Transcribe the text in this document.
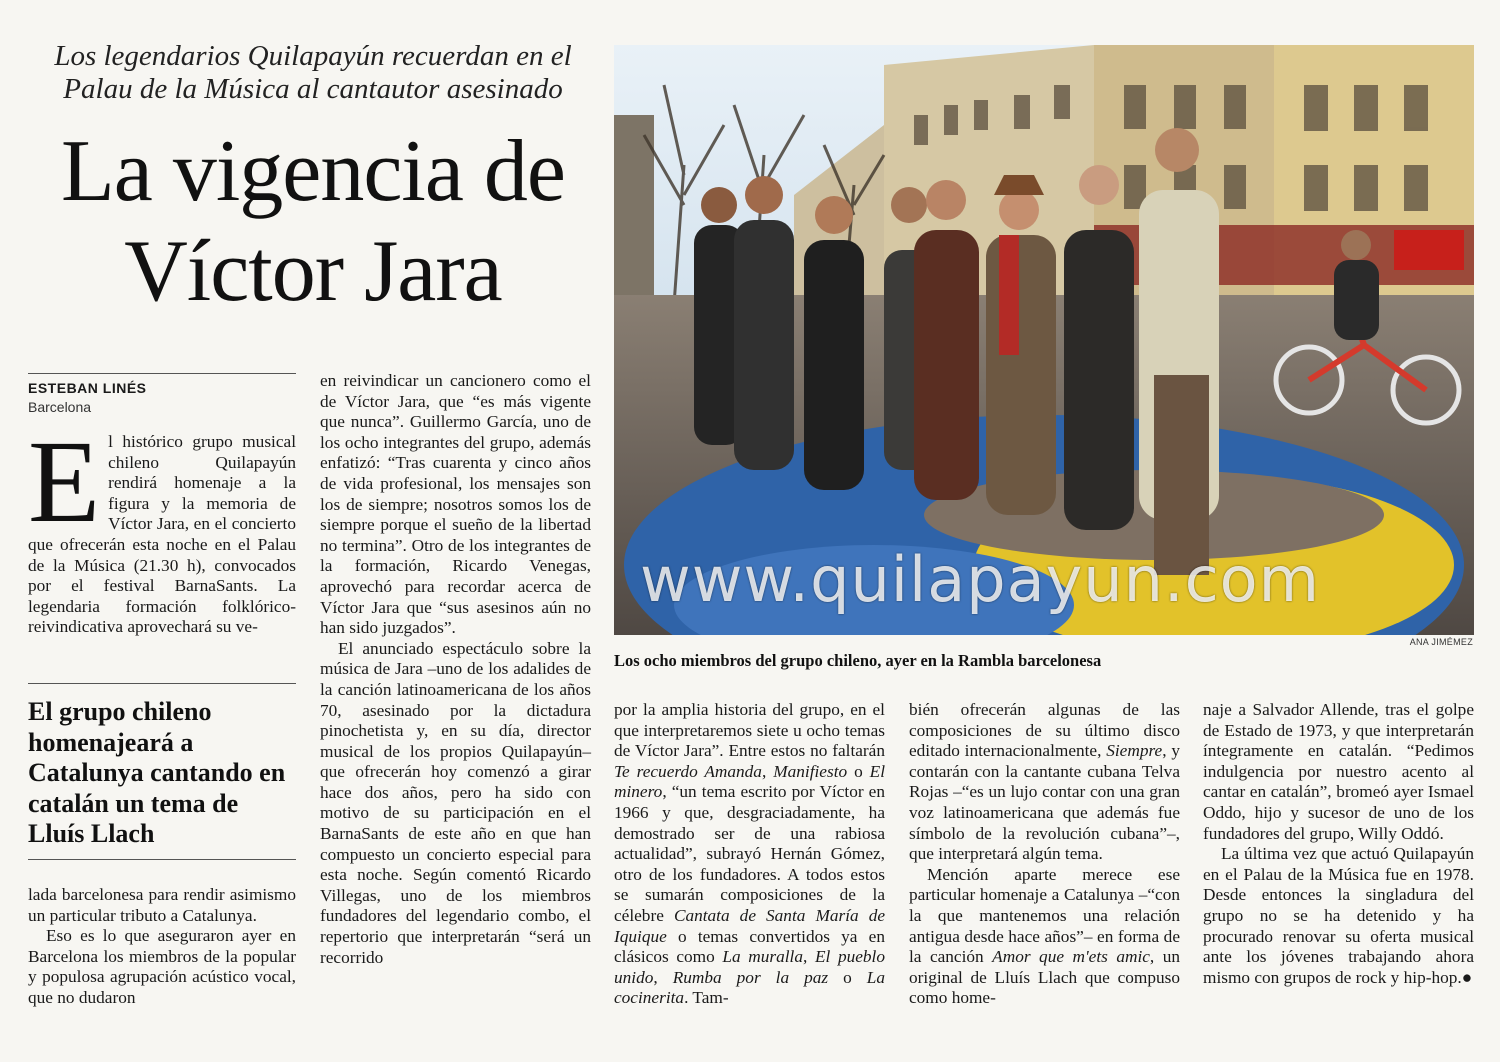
Los legendarios Quilapayún recuerdan en el Palau de la Música al cantautor asesinado
La vigencia de
Víctor Jara
ESTEBAN LINÉS
Barcelona
E l histórico grupo musical chileno Quilapayún rendirá homenaje a la figura y la memoria de Víctor Jara, en el concierto que ofrecerán esta noche en el Palau de la Música (21.30 h), convocados por el festival BarnaSants. La legendaria formación folklórico-reivindicativa aprovechará su ve-

El grupo chileno homenajeará a Catalunya cantando en catalán un tema de Lluís Llach

lada barcelonesa para rendir asimismo un particular tributo a Catalunya.

Eso es lo que aseguraron ayer en Barcelona los miembros de la popular y populosa agrupación acústico vocal, que no dudaron

en reivindicar un cancionero como el de Víctor Jara, que “es más vigente que nunca”. Guillermo García, uno de los ocho integrantes del grupo, además enfatizó: “Tras cuarenta y cinco años de vida profesional, los mensajes son los de siempre; nosotros somos los de siempre porque el sueño de la libertad no termina”. Otro de los integrantes de la formación, Ricardo Venegas, aprovechó para recordar acerca de Víctor Jara que “sus asesinos aún no han sido juzgados”.

El anunciado espectáculo sobre la música de Jara –uno de los adalides de la canción latinoamericana de los años 70, asesinado por la dictadura pinochetista y, en su día, director musical de los propios Quilapayún– que ofrecerán hoy comenzó a girar hace dos años, pero ha sido con motivo de su participación en el BarnaSants de este año en que han compuesto un concierto especial para esta noche. Según comentó Ricardo Villegas, uno de los miembros fundadores del legendario combo, el repertorio que interpretarán “será un recorrido

www.quilapayun.com
ANA JIMÉMEZ
Los ocho miembros del grupo chileno, ayer en la Rambla barcelonesa

por la amplia historia del grupo, en el que interpretaremos siete u ocho temas de Víctor Jara”. Entre estos no faltarán Te recuerdo Amanda, Manifiesto o El minero, “un tema escrito por Víctor en 1966 y que, desgraciadamente, ha demostrado ser de una rabiosa actualidad”, subrayó Hernán Gómez, otro de los fundadores. A todos estos se sumarán composiciones de la célebre Cantata de Santa María de Iquique o temas convertidos ya en clásicos como La muralla, El pueblo unido, Rumba por la paz o La cocinerita. Tam-

bién ofrecerán algunas de las composiciones de su último disco editado internacionalmente, Siempre, y contarán con la cantante cubana Telva Rojas –“es un lujo contar con una gran voz latinoamericana que además fue símbolo de la revolución cubana”–, que interpretará algún tema.

Mención aparte merece ese particular homenaje a Catalunya –“con la que mantenemos una relación antigua desde hace años”– en forma de la canción Amor que m'ets amic, un original de Lluís Llach que compuso como home-

naje a Salvador Allende, tras el golpe de Estado de 1973, y que interpretarán íntegramente en catalán. “Pedimos indulgencia por nuestro acento al cantar en catalán”, bromeó ayer Ismael Oddo, hijo y sucesor de uno de los fundadores del grupo, Willy Oddó.

La última vez que actuó Quilapayún en el Palau de la Música fue en 1978. Desde entonces la singladura del grupo no se ha detenido y ha procurado renovar su oferta musical ante los jóvenes trabajando ahora mismo con grupos de rock y hip-hop.●
